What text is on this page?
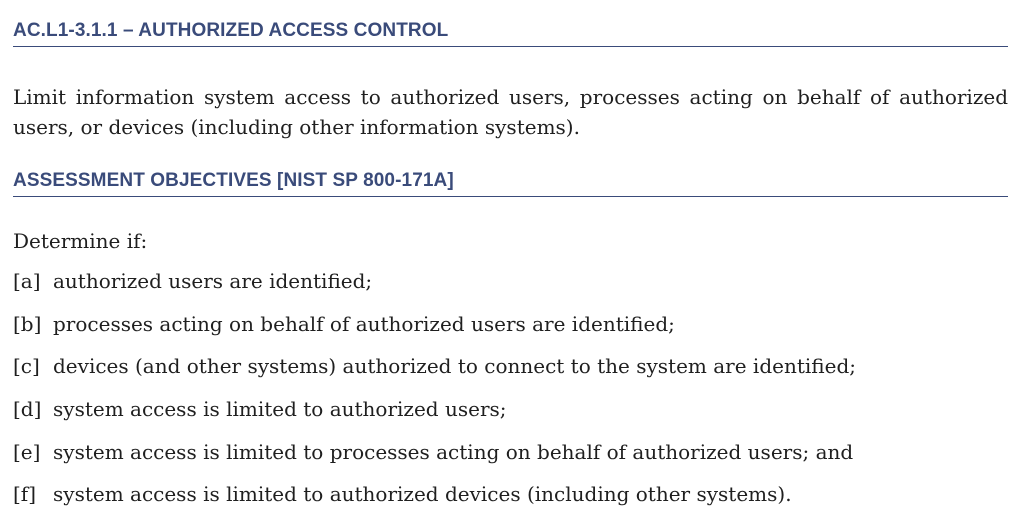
AC.L1-3.1.1 – AUTHORIZED ACCESS CONTROL
Limit information system access to authorized users, processes acting on behalf of authorized users, or devices (including other information systems).
ASSESSMENT OBJECTIVES [NIST SP 800-171A]
Determine if:
[a] authorized users are identified;
[b] processes acting on behalf of authorized users are identified;
[c] devices (and other systems) authorized to connect to the system are identified;
[d] system access is limited to authorized users;
[e] system access is limited to processes acting on behalf of authorized users; and
[f] system access is limited to authorized devices (including other systems).
